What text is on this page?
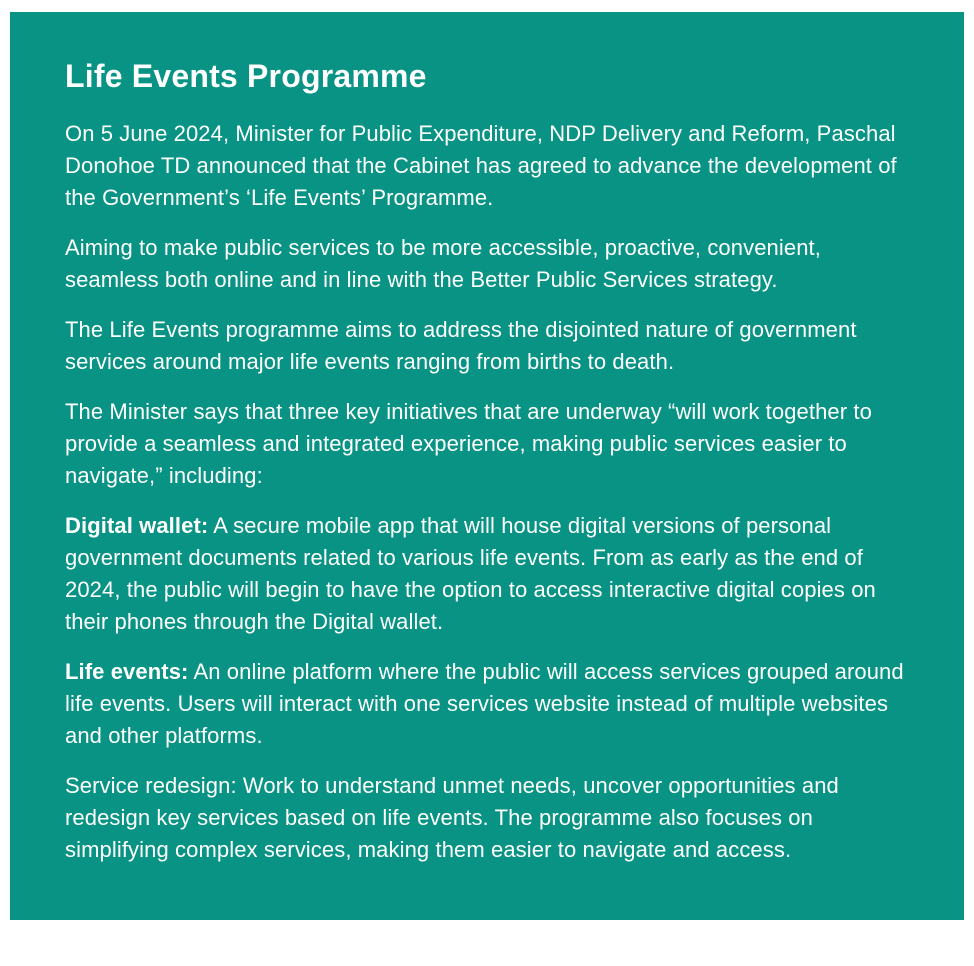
Life Events Programme

On 5 June 2024, Minister for Public Expenditure, NDP Delivery and Reform, Paschal Donohoe TD announced that the Cabinet has agreed to advance the development of the Government’s ‘Life Events’ Programme.

Aiming to make public services to be more accessible, proactive, convenient, seamless both online and in line with the Better Public Services strategy.

The Life Events programme aims to address the disjointed nature of government services around major life events ranging from births to death.

The Minister says that three key initiatives that are underway “will work together to provide a seamless and integrated experience, making public services easier to navigate,” including:

Digital wallet: A secure mobile app that will house digital versions of personal government documents related to various life events. From as early as the end of 2024, the public will begin to have the option to access interactive digital copies on their phones through the Digital wallet.

Life events: An online platform where the public will access services grouped around life events. Users will interact with one services website instead of multiple websites and other platforms.

Service redesign: Work to understand unmet needs, uncover opportunities and redesign key services based on life events. The programme also focuses on simplifying complex services, making them easier to navigate and access.
